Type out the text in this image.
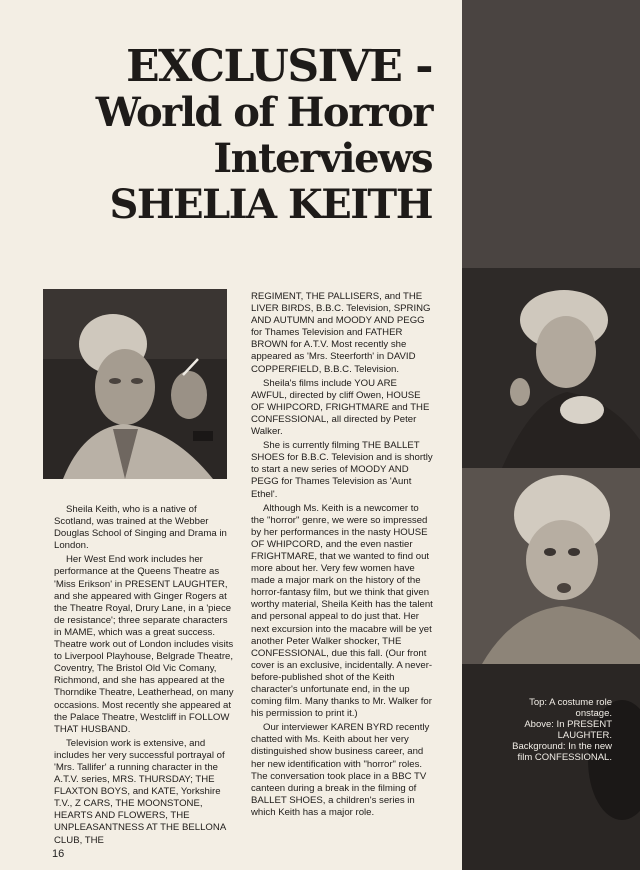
EXCLUSIVE -
World of Horror
Interviews
SHELIA KEITH

Sheila Keith, who is a native of Scotland, was trained at the Webber Douglas School of Singing and Drama in London.

Her West End work includes her performance at the Queens Theatre as 'Miss Erikson' in PRESENT LAUGHTER, and she appeared with Ginger Rogers at the Theatre Royal, Drury Lane, in a 'piece de resistance'; three separate characters in MAME, which was a great success. Theatre work out of London includes visits to Liverpool Playhouse, Belgrade Theatre, Coventry, The Bristol Old Vic Comany, Richmond, and she has appeared at the Thorndike Theatre, Leatherhead, on many occasions. Most recently she appeared at the Palace Theatre, Westcliff in FOLLOW THAT HUSBAND.

Television work is extensive, and includes her very successful portrayal of 'Mrs. Tallifer' a running character in the A.T.V. series, MRS. THURSDAY; THE FLAXTON BOYS, and KATE, Yorkshire T.V., Z CARS, THE MOONSTONE, HEARTS AND FLOWERS, THE UNPLEASANTNESS AT THE BELLONA CLUB, THE

REGIMENT, THE PALLISERS, and THE LIVER BIRDS, B.B.C. Television, SPRING AND AUTUMN and MOODY AND PEGG for Thames Television and FATHER BROWN for A.T.V. Most recently she appeared as 'Mrs. Steerforth' in DAVID COPPERFIELD, B.B.C. Television.

Sheila's films include YOU ARE AWFUL, directed by cliff Owen, HOUSE OF WHIPCORD, FRIGHTMARE and THE CONFESSIONAL, all directed by Peter Walker.

She is currently filming THE BALLET SHOES for B.B.C. Television and is shortly to start a new series of MOODY AND PEGG for Thames Television as 'Aunt Ethel'.

Although Ms. Keith is a newcomer to the "horror" genre, we were so impressed by her performances in the nasty HOUSE OF WHIPCORD, and the even nastier FRIGHTMARE, that we wanted to find out more about her. Very few women have made a major mark on the history of the horror-fantasy film, but we think that given worthy material, Sheila Keith has the talent and personal appeal to do just that. Her next excursion into the macabre will be yet another Peter Walker shocker, THE CONFESSIONAL, due this fall. (Our front cover is an exclusive, incidentally. A never-before-published shot of the Keith character's unfortunate end, in the up coming film. Many thanks to Mr. Walker for his permission to print it.)

Our interviewer KAREN BYRD recently chatted with Ms. Keith about her very distinguished show business career, and her new identification with "horror" roles. The conversation took place in a BBC TV canteen during a break in the filming of BALLET SHOES, a children's series in which Keith has a major role.

16
Top: A costume role
onstage.
Above: In PRESENT
LAUGHTER.
Background: In the new
film CONFESSIONAL.
